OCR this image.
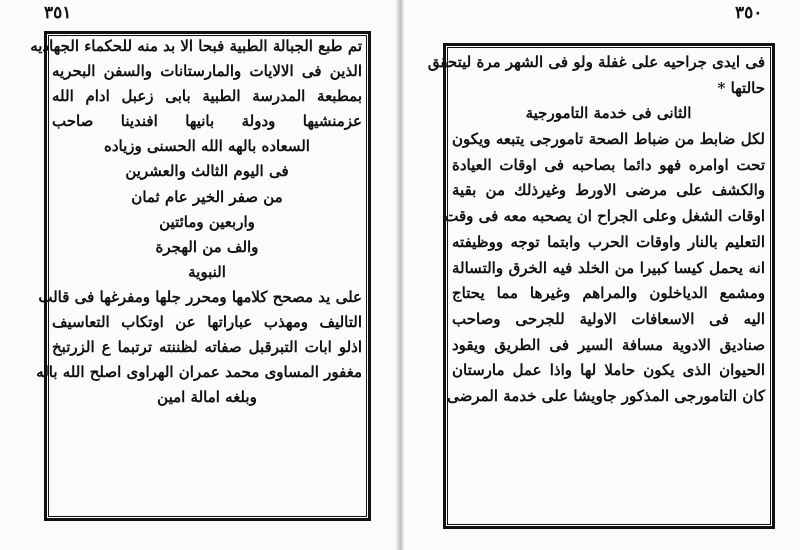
٣٥١	٣٥٠
تم طبع الجبالة الطبية فبحا الا بد منه للحكماء الجهاديه
الذين فى الالايات والمارستانات والسفن البحريه
بمطبعة المدرسة الطبية بابى زعبل ادام الله
عزمنشيها ودولة بانيها افندينا صاحب
السعاده بالهه الله الحسنى وزياده
فى اليوم الثالث والعشرين
من صفر الخير عام ثمان
واربعين ومائتين
والف من الهجرة
النبوية
على يد مصحح كلامها ومحرر جلها ومفرغها فى قالب
التاليف ومهذب عباراتها عن اوتكاب التعاسيف
اذلو ابات التبرقبل صفاته لظننته ترتبما ع الزرتبخ
مغفور المساوى محمد عمران الهراوى اصلح الله باله
وبلغه امالة امين
فى ايدى جراحيه على غفلة ولو فى الشهر مرة ليتحقق
حالتها *
الثانى فى خدمة التامورجية
لكل ضابط من ضباط الصحة تامورجى يتبعه ويكون
تحت اوامره فهو دائما بصاحبه فى اوقات العيادة
والكشف على مرضى الاورط وغيرذلك من بقية
اوقات الشغل وعلى الجراح ان يصحبه معه فى وقت
التعليم بالنار واوقات الحرب وابتما توجه ووظيفته
انه يحمل كيسا كبيرا من الخلد فيه الخرق والتسالة
ومشمع الدياخلون والمراهم وغيرها مما يحتاج
اليه فى الاسعافات الاولية للجرحى وصاحب
صناديق الادوية مسافة السير فى الطريق ويقود
الحيوان الذى يكون حاملا لها واذا عمل مارستان
كان التامورجى المذكور جاويشا على خدمة المرضى
